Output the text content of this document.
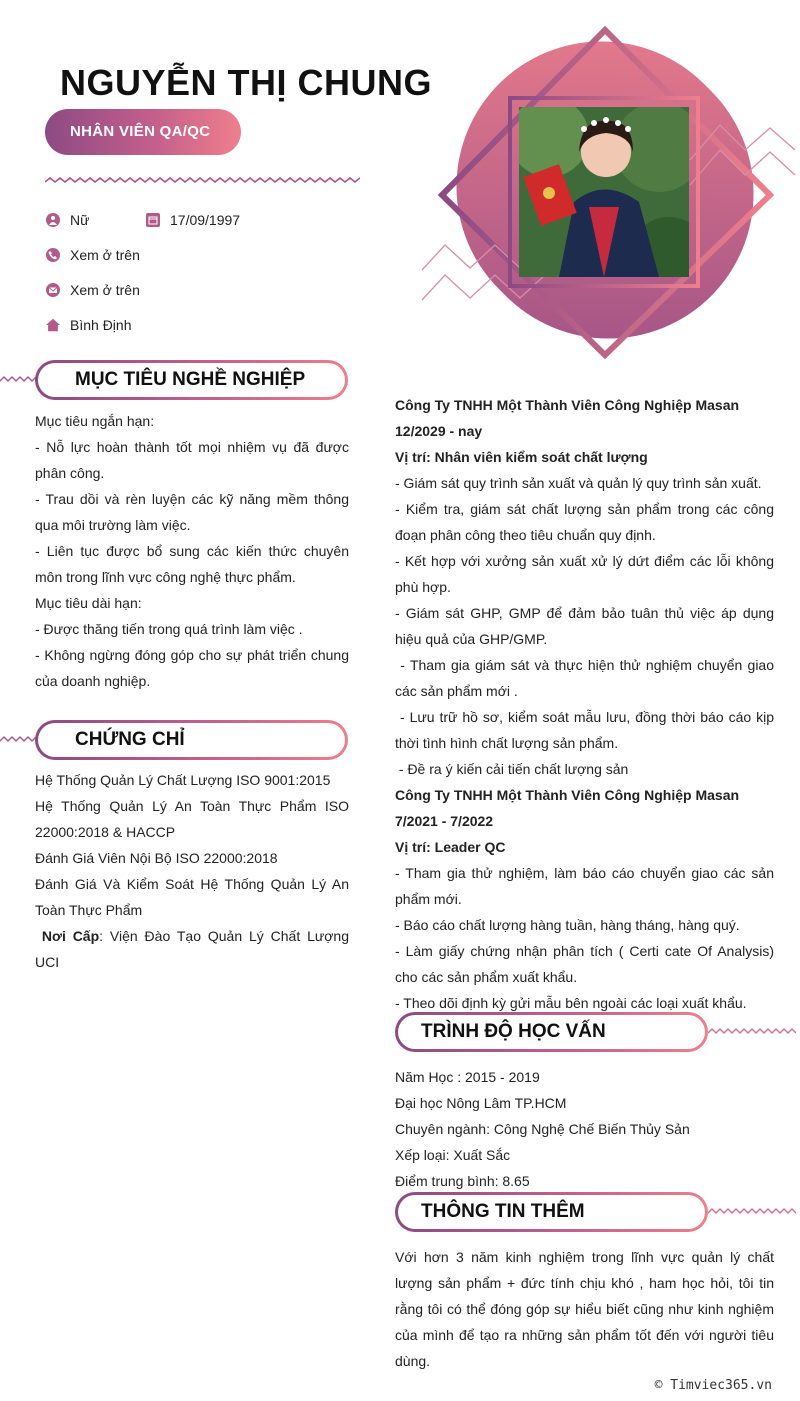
NGUYỄN THỊ CHUNG
NHÂN VIÊN QA/QC
Nữ	17/09/1997
Xem ở trên
Xem ở trên
Bình Định
MỤC TIÊU NGHỀ NGHIỆP

Mục tiêu ngắn hạn:

- Nỗ lực hoàn thành tốt mọi nhiệm vụ đã được phân công.

- Trau dồi và rèn luyện các kỹ năng mềm thông qua môi trường làm việc.

- Liên tục được bổ sung các kiến thức chuyên môn trong lĩnh vực công nghệ thực phẩm.

Mục tiêu dài hạn:

- Được thăng tiến trong quá trình làm việc .

- Không ngừng đóng góp cho sự phát triển chung của doanh nghiệp.

CHỨNG CHỈ

Hệ Thống Quản Lý Chất Lượng ISO 9001:2015

Hệ Thống Quản Lý An Toàn Thực Phẩm ISO 22000:2018 & HACCP

Đánh Giá Viên Nội Bộ ISO 22000:2018

Đánh Giá Và Kiểm Soát Hệ Thống Quản Lý An Toàn Thực Phẩm

Nơi Cấp: Viện Đào Tạo Quản Lý Chất Lượng UCI

Công Ty TNHH Một Thành Viên Công Nghiệp Masan

12/2029 - nay

Vị trí: Nhân viên kiểm soát chất lượng

- Giám sát quy trình sản xuất và quản lý quy trình sản xuất.

- Kiểm tra, giám sát chất lượng sản phẩm trong các công đoạn phân công theo tiêu chuẩn quy định.

- Kết hợp với xưởng sản xuất xử lý dứt điểm các lỗi không phù hợp.

- Giám sát GHP, GMP để đảm bảo tuân thủ việc áp dụng hiệu quả của GHP/GMP.

- Tham gia giám sát và thực hiện thử nghiệm chuyển giao các sản phẩm mới .

- Lưu trữ hồ sơ, kiểm soát mẫu lưu, đồng thời báo cáo kịp thời tình hình chất lượng sản phẩm.

- Đề ra ý kiến cải tiến chất lượng sản

Công Ty TNHH Một Thành Viên Công Nghiệp Masan

7/2021 - 7/2022

Vị trí: Leader QC

- Tham gia thử nghiệm, làm báo cáo chuyển giao các sản phẩm mới.

- Báo cáo chất lượng hàng tuần, hàng tháng, hàng quý.

- Làm giấy chứng nhận phân tích ( Certi cate Of Analysis) cho các sản phẩm xuất khẩu.

- Theo dõi định kỳ gửi mẫu bên ngoài các loại xuất khẩu.

TRÌNH ĐỘ HỌC VẤN

Năm Học : 2015 - 2019

Đại học Nông Lâm TP.HCM

Chuyên ngành: Công Nghệ Chế Biến Thủy Sản

Xếp loại: Xuất Sắc

Điểm trung bình: 8.65

THÔNG TIN THÊM
Với hơn 3 năm kinh nghiệm trong lĩnh vực quản lý chất lượng sản phẩm + đức tính chịu khó , ham học hỏi, tôi tin rằng tôi có thể đóng góp sự hiểu biết cũng như kinh nghiệm của mình để tạo ra những sản phẩm tốt đến với người tiêu dùng.
© Timviec365.vn
